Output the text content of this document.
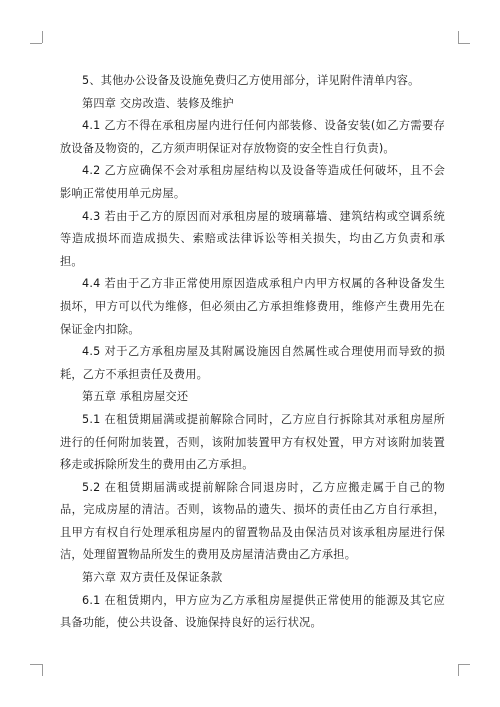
5、其他办公设备及设施免费归乙方使用部分，详见附件清单内容。

第四章 交房改造、装修及维护

4.1 乙方不得在承租房屋内进行任何内部装修、设备安装(如乙方需要存放设备及物资的，乙方须声明保证对存放物资的安全性自行负责)。

4.2 乙方应确保不会对承租房屋结构以及设备等造成任何破坏，且不会影响正常使用单元房屋。

4.3 若由于乙方的原因而对承租房屋的玻璃幕墙、建筑结构或空调系统等造成损坏而造成损失、索赔或法律诉讼等相关损失，均由乙方负责和承担。

4.4 若由于乙方非正常使用原因造成承租户内甲方权属的各种设备发生损坏，甲方可以代为维修，但必须由乙方承担维修费用，维修产生费用先在保证金内扣除。

4.5 对于乙方承租房屋及其附属设施因自然属性或合理使用而导致的损耗，乙方不承担责任及费用。

第五章 承租房屋交还

5.1 在租赁期届满或提前解除合同时，乙方应自行拆除其对承租房屋所进行的任何附加装置，否则，该附加装置甲方有权处置，甲方对该附加装置移走或拆除所发生的费用由乙方承担。

5.2 在租赁期届满或提前解除合同退房时，乙方应搬走属于自己的物品，完成房屋的清洁。否则，该物品的遗失、损坏的责任由乙方自行承担，且甲方有权自行处理承租房屋内的留置物品及由保洁员对该承租房屋进行保洁，处理留置物品所发生的费用及房屋清洁费由乙方承担。

第六章 双方责任及保证条款

6.1 在租赁期内，甲方应为乙方承租房屋提供正常使用的能源及其它应具备功能，使公共设备、设施保持良好的运行状况。
